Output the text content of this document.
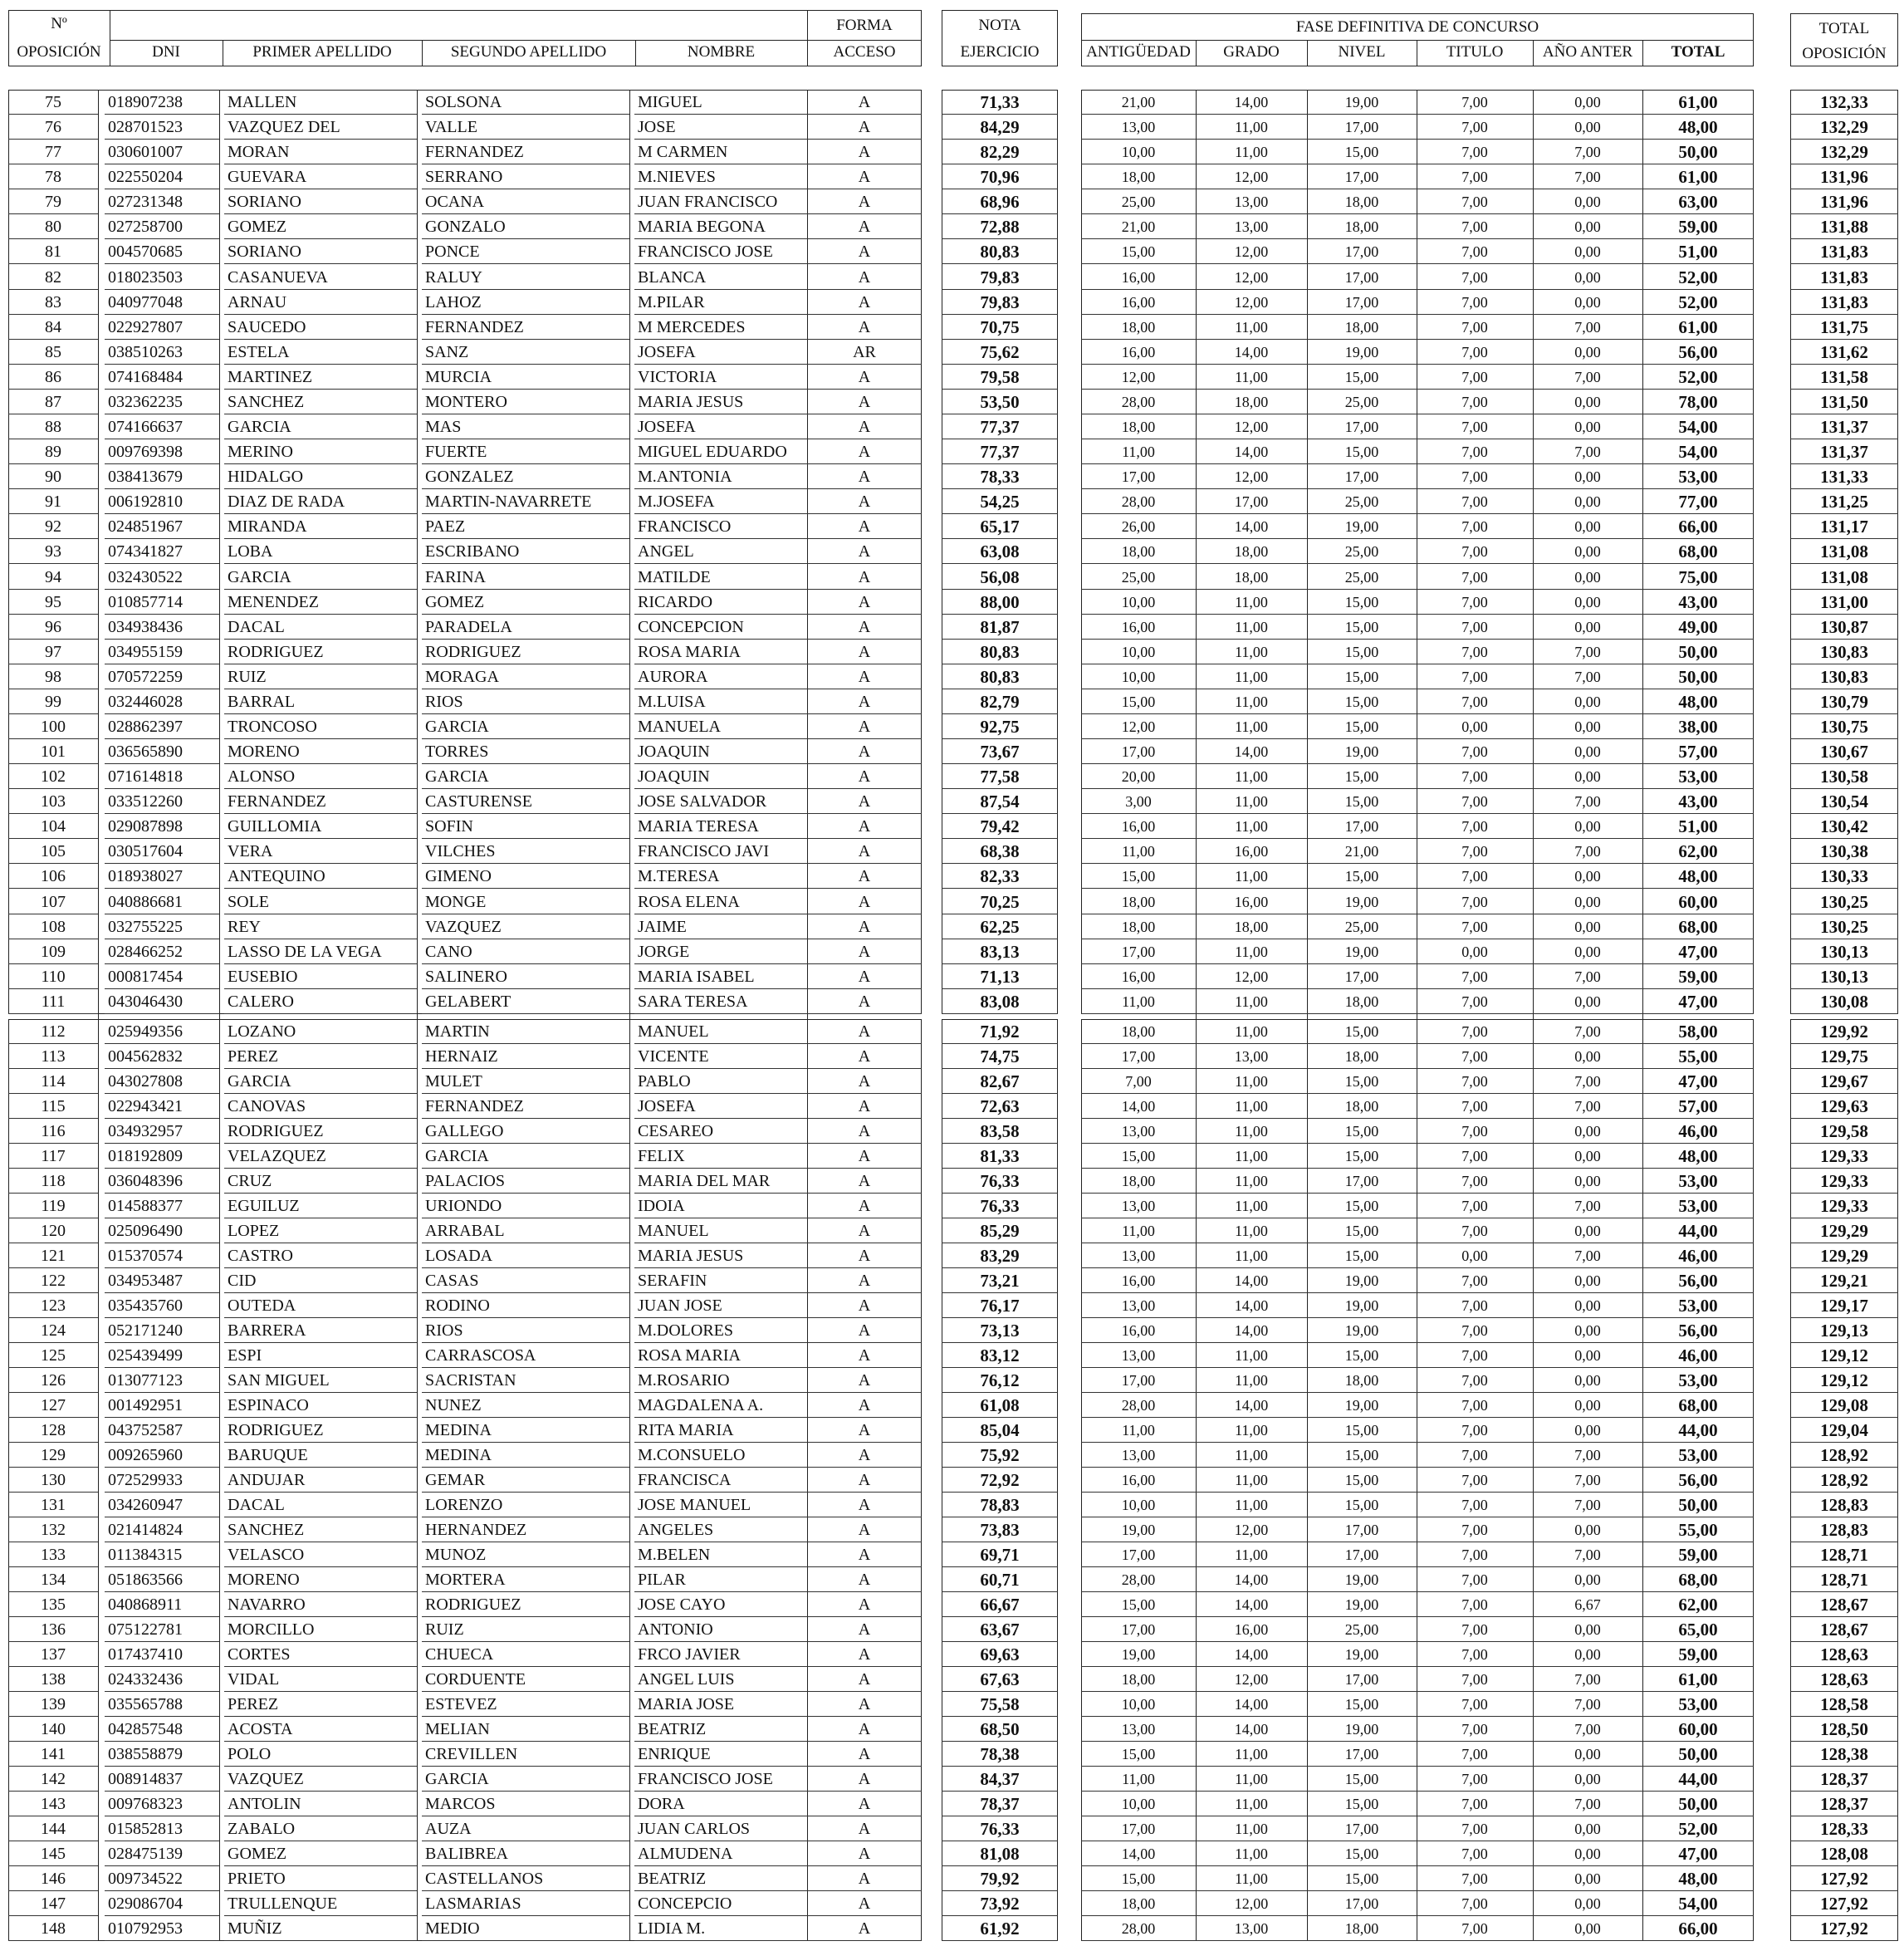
Nº
OPOSICIÓN	DNI	PRIMER APELLIDO	SEGUNDO APELLIDO	NOMBRE
FORMA
ACCESO
NOTA
EJERCICIO
FASE DEFINITIVA DE CONCURSO
ANTIGÜEDAD	GRADO	NIVEL	TITULO	AÑO ANTER	TOTAL
TOTAL
OPOSICIÓN
75	018907238	MALLEN	SOLSONA	MIGUEL	A	71,33	21,00	14,00	19,00	7,00	0,00	61,00	132,33
76	028701523	VAZQUEZ DEL	VALLE	JOSE	A	84,29	13,00	11,00	17,00	7,00	0,00	48,00	132,29
77	030601007	MORAN	FERNANDEZ	M CARMEN	A	82,29	10,00	11,00	15,00	7,00	7,00	50,00	132,29
78	022550204	GUEVARA	SERRANO	M.NIEVES	A	70,96	18,00	12,00	17,00	7,00	7,00	61,00	131,96
79	027231348	SORIANO	OCANA	JUAN FRANCISCO	A	68,96	25,00	13,00	18,00	7,00	0,00	63,00	131,96
80	027258700	GOMEZ	GONZALO	MARIA BEGONA	A	72,88	21,00	13,00	18,00	7,00	0,00	59,00	131,88
81	004570685	SORIANO	PONCE	FRANCISCO JOSE	A	80,83	15,00	12,00	17,00	7,00	0,00	51,00	131,83
82	018023503	CASANUEVA	RALUY	BLANCA	A	79,83	16,00	12,00	17,00	7,00	0,00	52,00	131,83
83	040977048	ARNAU	LAHOZ	M.PILAR	A	79,83	16,00	12,00	17,00	7,00	0,00	52,00	131,83
84	022927807	SAUCEDO	FERNANDEZ	M MERCEDES	A	70,75	18,00	11,00	18,00	7,00	7,00	61,00	131,75
85	038510263	ESTELA	SANZ	JOSEFA	AR	75,62	16,00	14,00	19,00	7,00	0,00	56,00	131,62
86	074168484	MARTINEZ	MURCIA	VICTORIA	A	79,58	12,00	11,00	15,00	7,00	7,00	52,00	131,58
87	032362235	SANCHEZ	MONTERO	MARIA JESUS	A	53,50	28,00	18,00	25,00	7,00	0,00	78,00	131,50
88	074166637	GARCIA	MAS	JOSEFA	A	77,37	18,00	12,00	17,00	7,00	0,00	54,00	131,37
89	009769398	MERINO	FUERTE	MIGUEL EDUARDO	A	77,37	11,00	14,00	15,00	7,00	7,00	54,00	131,37
90	038413679	HIDALGO	GONZALEZ	M.ANTONIA	A	78,33	17,00	12,00	17,00	7,00	0,00	53,00	131,33
91	006192810	DIAZ DE RADA	MARTIN-NAVARRETE	M.JOSEFA	A	54,25	28,00	17,00	25,00	7,00	0,00	77,00	131,25
92	024851967	MIRANDA	PAEZ	FRANCISCO	A	65,17	26,00	14,00	19,00	7,00	0,00	66,00	131,17
93	074341827	LOBA	ESCRIBANO	ANGEL	A	63,08	18,00	18,00	25,00	7,00	0,00	68,00	131,08
94	032430522	GARCIA	FARINA	MATILDE	A	56,08	25,00	18,00	25,00	7,00	0,00	75,00	131,08
95	010857714	MENENDEZ	GOMEZ	RICARDO	A	88,00	10,00	11,00	15,00	7,00	0,00	43,00	131,00
96	034938436	DACAL	PARADELA	CONCEPCION	A	81,87	16,00	11,00	15,00	7,00	0,00	49,00	130,87
97	034955159	RODRIGUEZ	RODRIGUEZ	ROSA MARIA	A	80,83	10,00	11,00	15,00	7,00	7,00	50,00	130,83
98	070572259	RUIZ	MORAGA	AURORA	A	80,83	10,00	11,00	15,00	7,00	7,00	50,00	130,83
99	032446028	BARRAL	RIOS	M.LUISA	A	82,79	15,00	11,00	15,00	7,00	0,00	48,00	130,79
100	028862397	TRONCOSO	GARCIA	MANUELA	A	92,75	12,00	11,00	15,00	0,00	0,00	38,00	130,75
101	036565890	MORENO	TORRES	JOAQUIN	A	73,67	17,00	14,00	19,00	7,00	0,00	57,00	130,67
102	071614818	ALONSO	GARCIA	JOAQUIN	A	77,58	20,00	11,00	15,00	7,00	0,00	53,00	130,58
103	033512260	FERNANDEZ	CASTURENSE	JOSE SALVADOR	A	87,54	3,00	11,00	15,00	7,00	7,00	43,00	130,54
104	029087898	GUILLOMIA	SOFIN	MARIA TERESA	A	79,42	16,00	11,00	17,00	7,00	0,00	51,00	130,42
105	030517604	VERA	VILCHES	FRANCISCO JAVI	A	68,38	11,00	16,00	21,00	7,00	7,00	62,00	130,38
106	018938027	ANTEQUINO	GIMENO	M.TERESA	A	82,33	15,00	11,00	15,00	7,00	0,00	48,00	130,33
107	040886681	SOLE	MONGE	ROSA ELENA	A	70,25	18,00	16,00	19,00	7,00	0,00	60,00	130,25
108	032755225	REY	VAZQUEZ	JAIME	A	62,25	18,00	18,00	25,00	7,00	0,00	68,00	130,25
109	028466252	LASSO DE LA VEGA	CANO	JORGE	A	83,13	17,00	11,00	19,00	0,00	0,00	47,00	130,13
110	000817454	EUSEBIO	SALINERO	MARIA ISABEL	A	71,13	16,00	12,00	17,00	7,00	7,00	59,00	130,13
111	043046430	CALERO	GELABERT	SARA TERESA	A	83,08	11,00	11,00	18,00	7,00	0,00	47,00	130,08
112	025949356	LOZANO	MARTIN	MANUEL	A	71,92	18,00	11,00	15,00	7,00	7,00	58,00	129,92
113	004562832	PEREZ	HERNAIZ	VICENTE	A	74,75	17,00	13,00	18,00	7,00	0,00	55,00	129,75
114	043027808	GARCIA	MULET	PABLO	A	82,67	7,00	11,00	15,00	7,00	7,00	47,00	129,67
115	022943421	CANOVAS	FERNANDEZ	JOSEFA	A	72,63	14,00	11,00	18,00	7,00	7,00	57,00	129,63
116	034932957	RODRIGUEZ	GALLEGO	CESAREO	A	83,58	13,00	11,00	15,00	7,00	0,00	46,00	129,58
117	018192809	VELAZQUEZ	GARCIA	FELIX	A	81,33	15,00	11,00	15,00	7,00	0,00	48,00	129,33
118	036048396	CRUZ	PALACIOS	MARIA DEL MAR	A	76,33	18,00	11,00	17,00	7,00	0,00	53,00	129,33
119	014588377	EGUILUZ	URIONDO	IDOIA	A	76,33	13,00	11,00	15,00	7,00	7,00	53,00	129,33
120	025096490	LOPEZ	ARRABAL	MANUEL	A	85,29	11,00	11,00	15,00	7,00	0,00	44,00	129,29
121	015370574	CASTRO	LOSADA	MARIA JESUS	A	83,29	13,00	11,00	15,00	0,00	7,00	46,00	129,29
122	034953487	CID	CASAS	SERAFIN	A	73,21	16,00	14,00	19,00	7,00	0,00	56,00	129,21
123	035435760	OUTEDA	RODINO	JUAN JOSE	A	76,17	13,00	14,00	19,00	7,00	0,00	53,00	129,17
124	052171240	BARRERA	RIOS	M.DOLORES	A	73,13	16,00	14,00	19,00	7,00	0,00	56,00	129,13
125	025439499	ESPI	CARRASCOSA	ROSA MARIA	A	83,12	13,00	11,00	15,00	7,00	0,00	46,00	129,12
126	013077123	SAN MIGUEL	SACRISTAN	M.ROSARIO	A	76,12	17,00	11,00	18,00	7,00	0,00	53,00	129,12
127	001492951	ESPINACO	NUNEZ	MAGDALENA A.	A	61,08	28,00	14,00	19,00	7,00	0,00	68,00	129,08
128	043752587	RODRIGUEZ	MEDINA	RITA MARIA	A	85,04	11,00	11,00	15,00	7,00	0,00	44,00	129,04
129	009265960	BARUQUE	MEDINA	M.CONSUELO	A	75,92	13,00	11,00	15,00	7,00	7,00	53,00	128,92
130	072529933	ANDUJAR	GEMAR	FRANCISCA	A	72,92	16,00	11,00	15,00	7,00	7,00	56,00	128,92
131	034260947	DACAL	LORENZO	JOSE MANUEL	A	78,83	10,00	11,00	15,00	7,00	7,00	50,00	128,83
132	021414824	SANCHEZ	HERNANDEZ	ANGELES	A	73,83	19,00	12,00	17,00	7,00	0,00	55,00	128,83
133	011384315	VELASCO	MUNOZ	M.BELEN	A	69,71	17,00	11,00	17,00	7,00	7,00	59,00	128,71
134	051863566	MORENO	MORTERA	PILAR	A	60,71	28,00	14,00	19,00	7,00	0,00	68,00	128,71
135	040868911	NAVARRO	RODRIGUEZ	JOSE CAYO	A	66,67	15,00	14,00	19,00	7,00	6,67	62,00	128,67
136	075122781	MORCILLO	RUIZ	ANTONIO	A	63,67	17,00	16,00	25,00	7,00	0,00	65,00	128,67
137	017437410	CORTES	CHUECA	FRCO JAVIER	A	69,63	19,00	14,00	19,00	7,00	0,00	59,00	128,63
138	024332436	VIDAL	CORDUENTE	ANGEL LUIS	A	67,63	18,00	12,00	17,00	7,00	7,00	61,00	128,63
139	035565788	PEREZ	ESTEVEZ	MARIA JOSE	A	75,58	10,00	14,00	15,00	7,00	7,00	53,00	128,58
140	042857548	ACOSTA	MELIAN	BEATRIZ	A	68,50	13,00	14,00	19,00	7,00	7,00	60,00	128,50
141	038558879	POLO	CREVILLEN	ENRIQUE	A	78,38	15,00	11,00	17,00	7,00	0,00	50,00	128,38
142	008914837	VAZQUEZ	GARCIA	FRANCISCO JOSE	A	84,37	11,00	11,00	15,00	7,00	0,00	44,00	128,37
143	009768323	ANTOLIN	MARCOS	DORA	A	78,37	10,00	11,00	15,00	7,00	7,00	50,00	128,37
144	015852813	ZABALO	AUZA	JUAN CARLOS	A	76,33	17,00	11,00	17,00	7,00	0,00	52,00	128,33
145	028475139	GOMEZ	BALIBREA	ALMUDENA	A	81,08	14,00	11,00	15,00	7,00	0,00	47,00	128,08
146	009734522	PRIETO	CASTELLANOS	BEATRIZ	A	79,92	15,00	11,00	15,00	7,00	0,00	48,00	127,92
147	029086704	TRULLENQUE	LASMARIAS	CONCEPCIO	A	73,92	18,00	12,00	17,00	7,00	0,00	54,00	127,92
148	010792953	MUÑIZ	MEDIO	LIDIA M.	A	61,92	28,00	13,00	18,00	7,00	0,00	66,00	127,92
